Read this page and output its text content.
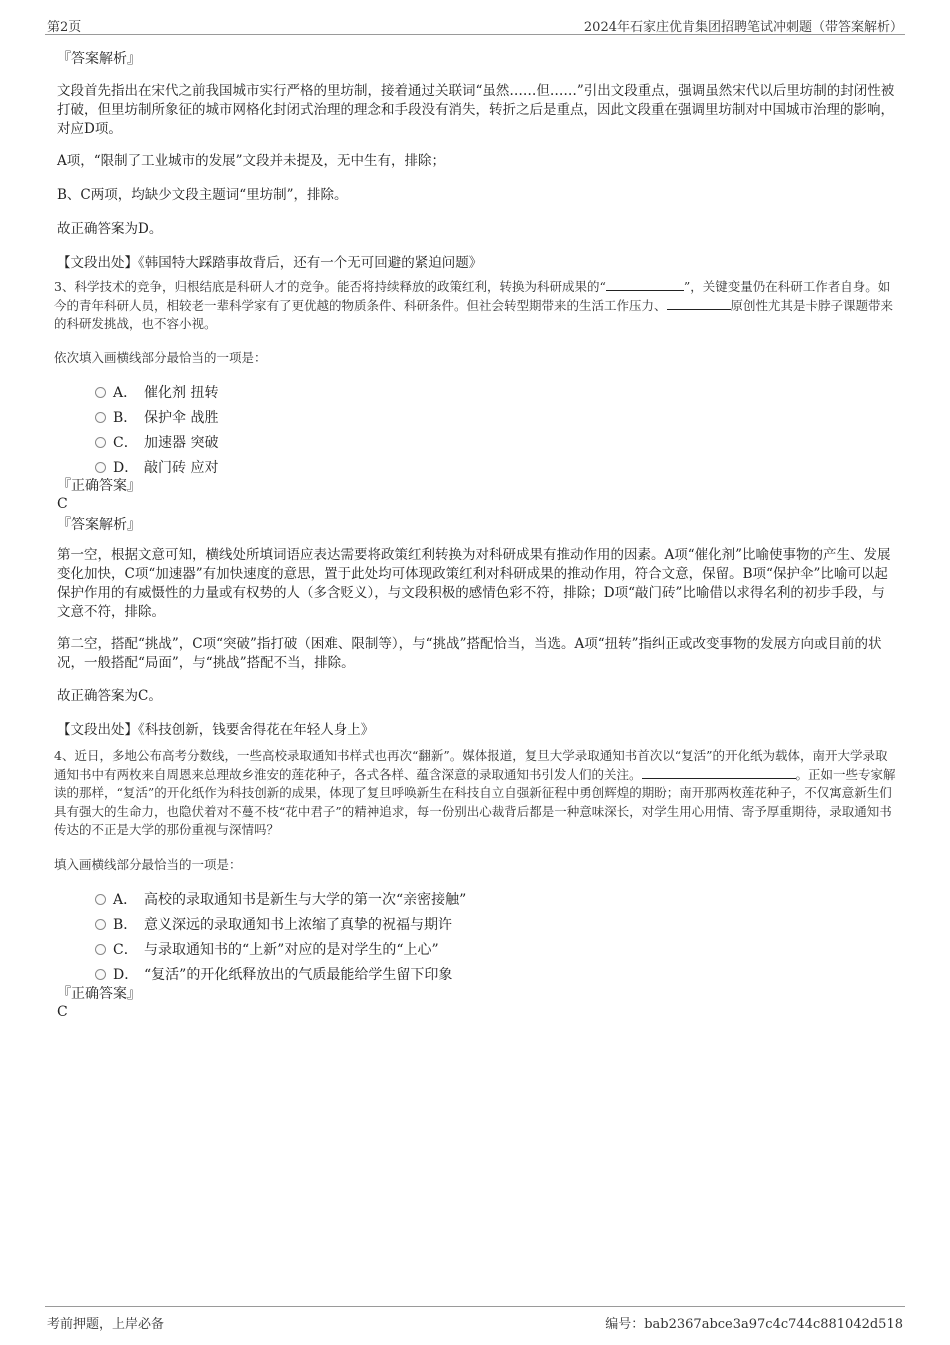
第2页	2024年石家庄优肯集团招聘笔试冲刺题（带答案解析）
『答案解析』
文段首先指出在宋代之前我国城市实行严格的里坊制，接着通过关联词“虽然……但……”引出文段重点，强调虽然宋代以后里坊制的封闭性被打破，但里坊制所象征的城市网格化封闭式治理的理念和手段没有消失，转折之后是重点，因此文段重在强调里坊制对中国城市治理的影响，对应D项。
A项，“限制了工业城市的发展”文段并未提及，无中生有，排除；
B、C两项，均缺少文段主题词“里坊制”，排除。
故正确答案为D。
【文段出处】《韩国特大踩踏事故背后，还有一个无可回避的紧迫问题》
3、科学技术的竞争，归根结底是科研人才的竞争。能否将持续释放的政策红利，转换为科研成果的“	”，关键变量仍在科研工作者自身。如今的青年科研人员，相较老一辈科学家有了更优越的物质条件、科研条件。但社会转型期带来的生活工作压力、	原创性尤其是卡脖子课题带来的科研发挑战，也不容小视。
依次填入画横线部分最恰当的一项是：
A． 催化剂 扭转
B． 保护伞 战胜
C． 加速器 突破
D． 敲门砖 应对
『正确答案』
C
『答案解析』
第一空，根据文意可知，横线处所填词语应表达需要将政策红利转换为对科研成果有推动作用的因素。A项“催化剂”比喻使事物的产生、发展变化加快，C项“加速器”有加快速度的意思，置于此处均可体现政策红利对科研成果的推动作用，符合文意，保留。B项“保护伞”比喻可以起保护作用的有威慑性的力量或有权势的人（多含贬义），与文段积极的感情色彩不符，排除；D项“敲门砖”比喻借以求得名利的初步手段，与文意不符，排除。
第二空，搭配“挑战”，C项“突破”指打破（困难、限制等），与“挑战”搭配恰当，当选。A项“扭转”指纠正或改变事物的发展方向或目前的状况，一般搭配“局面”，与“挑战”搭配不当，排除。
故正确答案为C。
【文段出处】《科技创新，钱要舍得花在年轻人身上》
4、近日，多地公布高考分数线，一些高校录取通知书样式也再次“翻新”。媒体报道，复旦大学录取通知书首次以“复活”的开化纸为载体，南开大学录取通知书中有两枚来自周恩来总理故乡淮安的莲花种子，各式各样、蕴含深意的录取通知书引发人们的关注。	。正如一些专家解读的那样，“复活”的开化纸作为科技创新的成果，体现了复旦呼唤新生在科技自立自强新征程中勇创辉煌的期盼；南开那两枚莲花种子，不仅寓意新生们具有强大的生命力，也隐伏着对不蔓不枝“花中君子”的精神追求，每一份别出心裁背后都是一种意味深长，对学生用心用情、寄予厚重期待，录取通知书传达的不正是大学的那份重视与深情吗？
填入画横线部分最恰当的一项是：
A． 高校的录取通知书是新生与大学的第一次“亲密接触”
B． 意义深远的录取通知书上浓缩了真挚的祝福与期许
C． 与录取通知书的“上新”对应的是对学生的“上心”
D． “复活”的开化纸释放出的气质最能给学生留下印象
『正确答案』
C
考前押题，上岸必备	编号：bab2367abce3a97c4c744c881042d518
